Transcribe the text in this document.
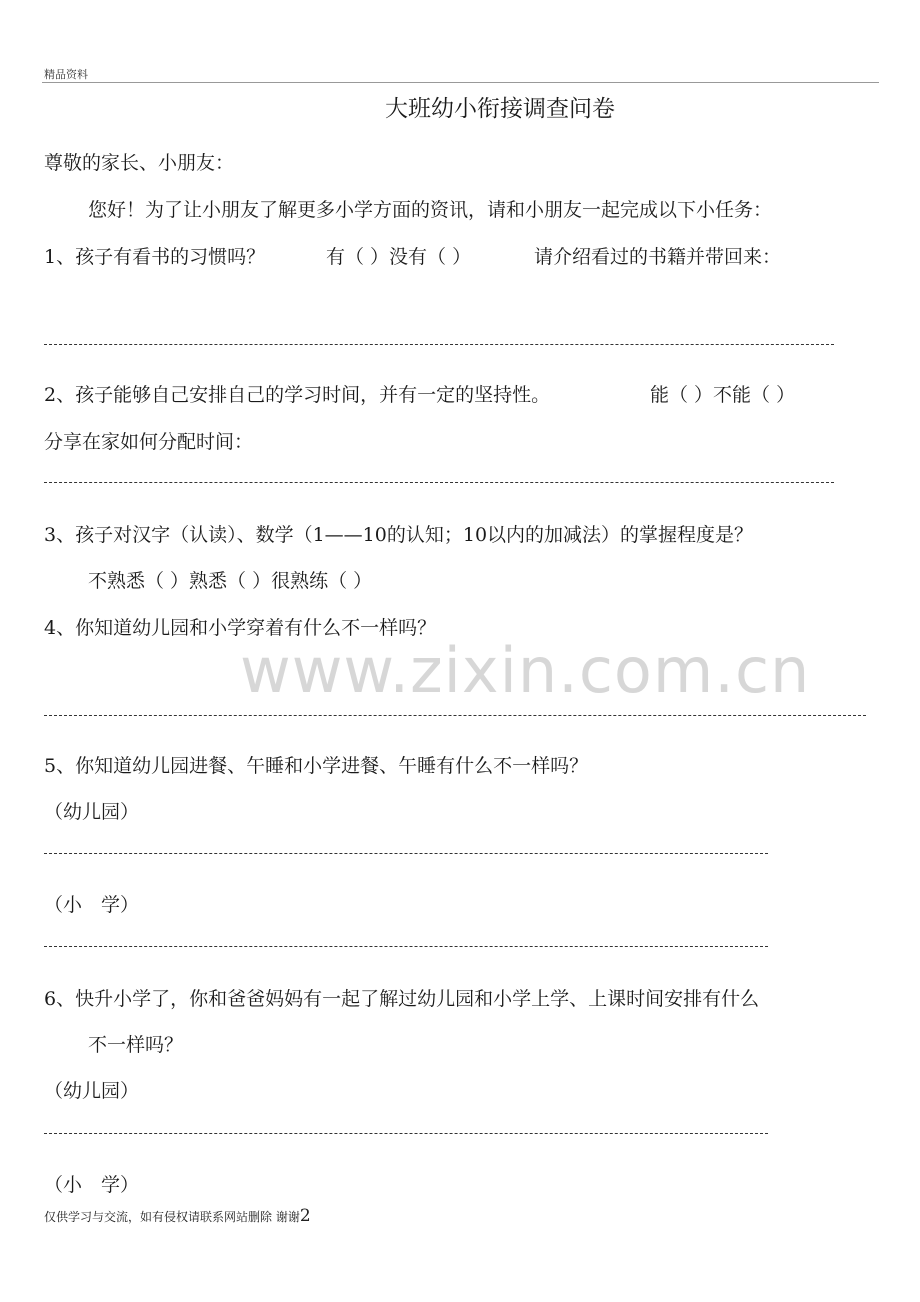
精品资料
大班幼小衔接调查问卷
www.zixin.com.cn
尊敬的家长、小朋友：
您好！为了让小朋友了解更多小学方面的资讯，请和小朋友一起完成以下小任务：
1、孩子有看书的习惯吗？	有（ ）没有（ ）	请介绍看过的书籍并带回来：
2、孩子能够自己安排自己的学习时间，并有一定的坚持性。	能（ ）不能（ ）
分享在家如何分配时间：
3、孩子对汉字（认读）、数学（1——10的认知；10以内的加减法）的掌握程度是？
不熟悉（ ）熟悉（ ）很熟练（ ）
4、你知道幼儿园和小学穿着有什么不一样吗？
5、你知道幼儿园进餐、午睡和小学进餐、午睡有什么不一样吗？
（幼儿园）
（小　学）
6、快升小学了，你和爸爸妈妈有一起了解过幼儿园和小学上学、上课时间安排有什么
不一样吗？
（幼儿园）
（小　学）
仅供学习与交流，如有侵权请联系网站删除 谢谢2
